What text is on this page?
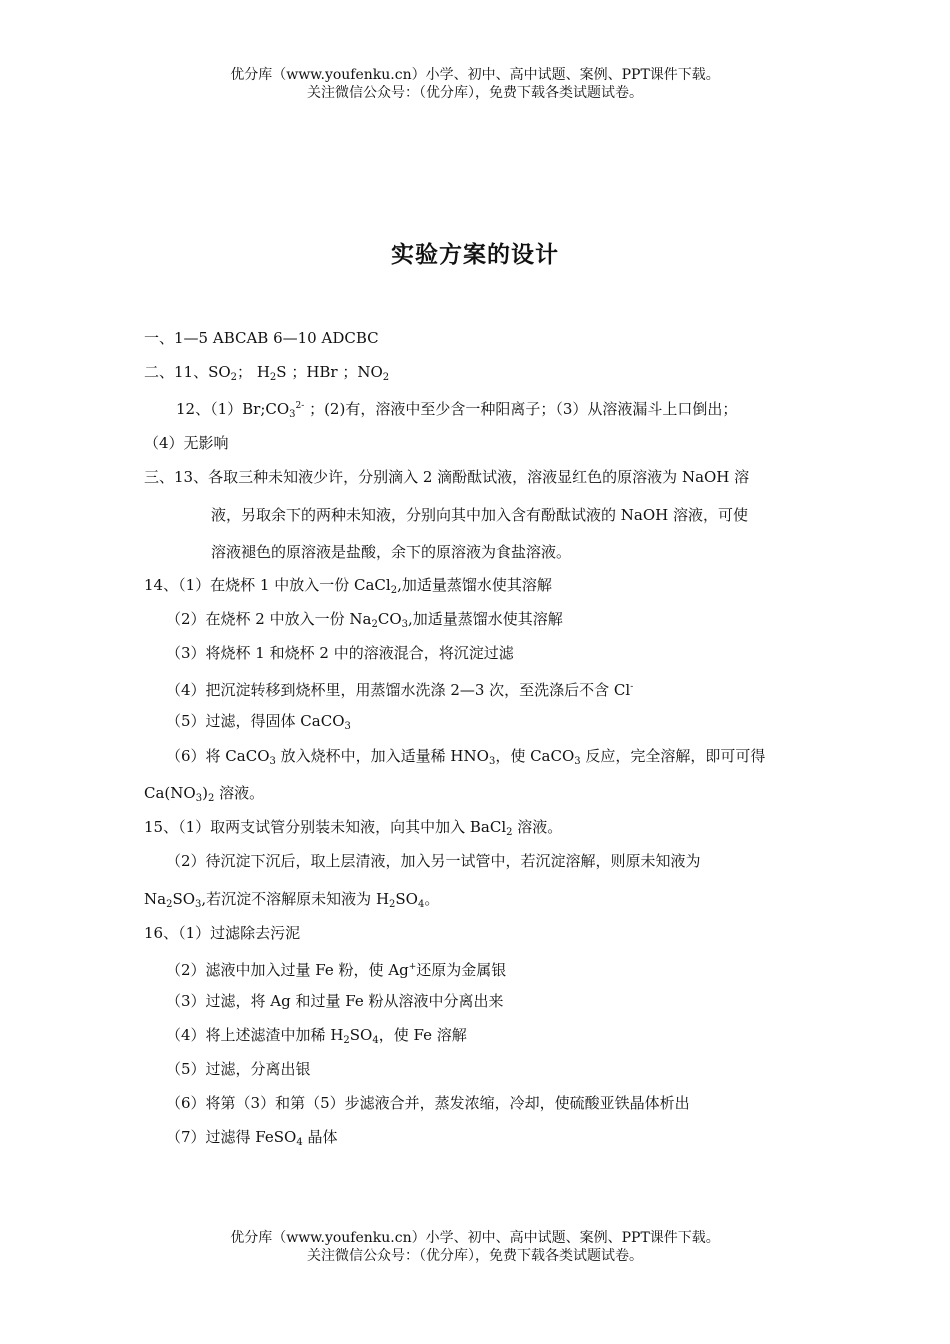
优分库（www.youfenku.cn）小学、初中、高中试题、案例、PPT课件下载。
关注微信公众号：（优分库），免费下载各类试题试卷。
实验方案的设计
一、1—5 ABCAB 6—10 ADCBC
二、11、$SO_2$； $H_2S$ ；HBr ；$NO_2$
12、$(1)Br;CO_3^{2-}$ ；(2)有，溶液中至少含一种阳离子；（3）从溶液漏斗上口倒出；
（4）无影响
三、13、各取三种未知液少许，分别滴入 2 滴酚酞试液，溶液显红色的原溶液为 NaOH 溶
液，另取余下的两种未知液，分别向其中加入含有酚酞试液的 NaOH 溶液，可使
溶液褪色的原溶液是盐酸，余下的原溶液为食盐溶液。
14、（1）在烧杯 1 中放入一份 CaCl$_2$,加适量蒸馏水使其溶解
（2）在烧杯 2 中放入一份 $Na_2CO_3$,加适量蒸馏水使其溶解
（3）将烧杯 1 和烧杯 2 中的溶液混合，将沉淀过滤
（4）把沉淀转移到烧杯里，用蒸馏水洗涤 2—3 次，至洗涤后不含 Cl-
（5）过滤，得固体 CaCO$_3$
（6）将 CaCO$_3$ 放入烧杯中，加入适量稀 $HNO_3$，使 CaCO$_3$ 反应，完全溶解，即可可得
$Ca(NO_3)_2$ 溶液。
15、（1）取两支试管分别装未知液，向其中加入 BaCl$_2$ 溶液。
（2）待沉淀下沉后，取上层清液，加入另一试管中，若沉淀溶解，则原未知液为
$Na_2SO_3$,若沉淀不溶解原未知液为 $H_2SO_4$。
16、（1）过滤除去污泥
（2）滤液中加入过量 Fe 粉，使 Ag+还原为金属银
（3）过滤，将 Ag 和过量 Fe 粉从溶液中分离出来
（4）将上述滤渣中加稀 $H_2SO_4$，使 Fe 溶解
（5）过滤，分离出银
（6）将第（3）和第（5）步滤液合并，蒸发浓缩，冷却，使硫酸亚铁晶体析出
（7）过滤得 FeSO$_4$ 晶体
优分库（www.youfenku.cn）小学、初中、高中试题、案例、PPT课件下载。
关注微信公众号：（优分库），免费下载各类试题试卷。
